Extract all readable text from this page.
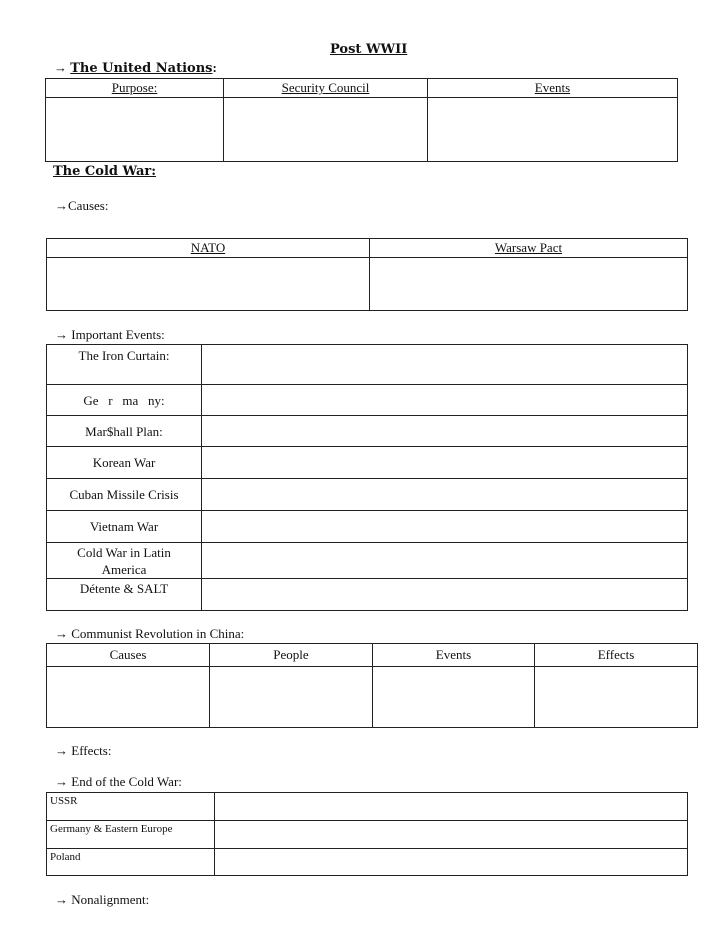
Post WWII
→ The United Nations:
Purpose:	Security Council	Events

The Cold War:
→Causes:
NATO	Warsaw Pact

→ Important Events:
The Iron Curtain:	
Ge   r   ma   ny:	
Mar$hall Plan:	
Korean War	
Cuban Missile Crisis	
Vietnam War	
Cold War in Latin America	
Détente & SALT	
→ Communist Revolution in China:
Causes	People	Events	Effects

→ Effects:
→ End of the Cold War:
USSR	
Germany & Eastern Europe	
Poland	
→ Nonalignment:
